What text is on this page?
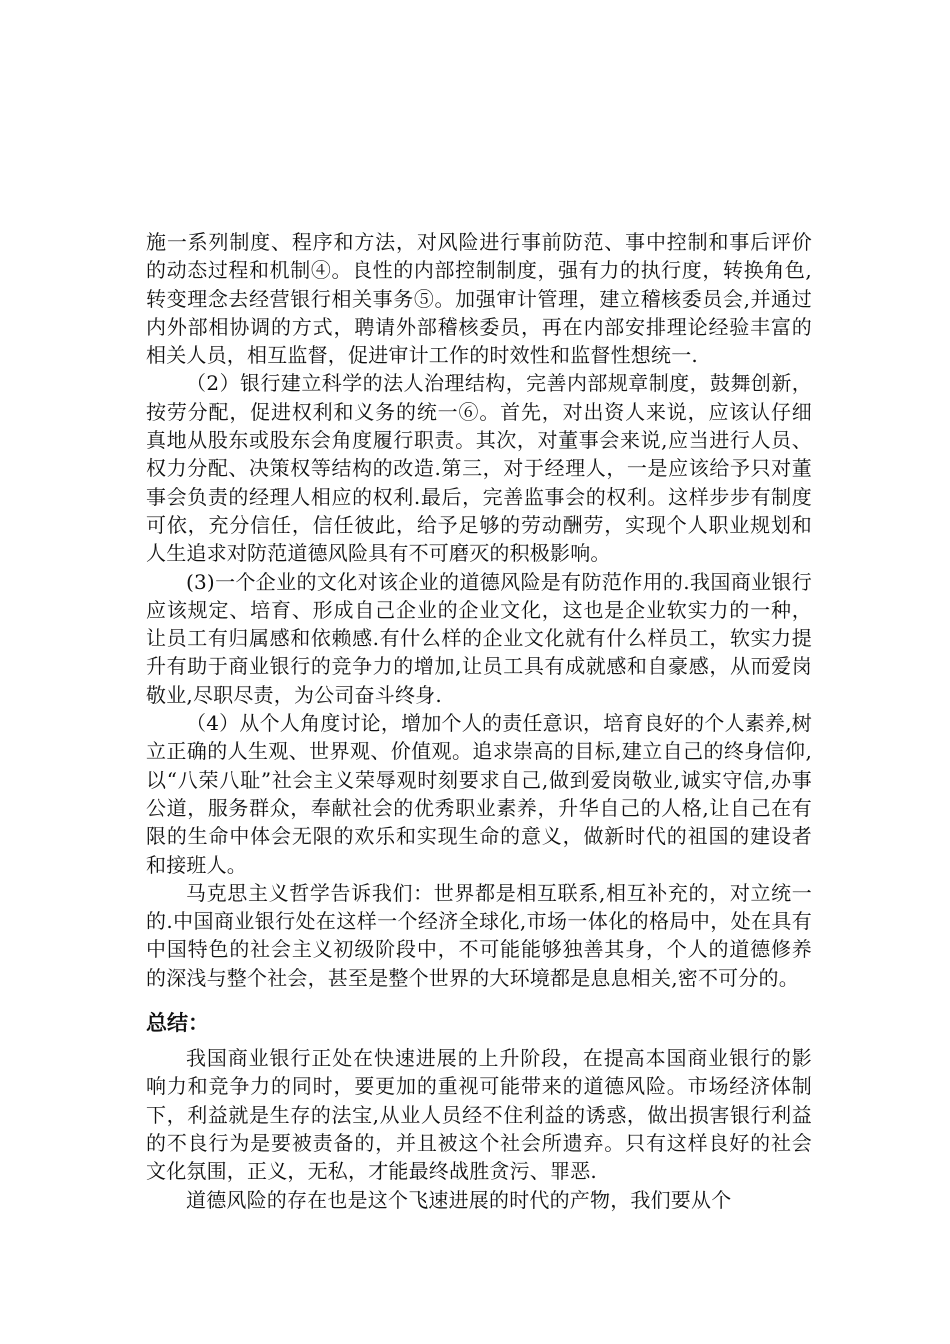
施一系列制度、程序和方法，对风险进行事前防范、事中控制和事后评价的动态过程和机制④。良性的内部控制制度，强有力的执行度，转换角色,转变理念去经营银行相关事务⑤。加强审计管理，建立稽核委员会,并通过内外部相协调的方式，聘请外部稽核委员，再在内部安排理论经验丰富的相关人员，相互监督，促进审计工作的时效性和监督性想统一.

（2）银行建立科学的法人治理结构，完善内部规章制度，鼓舞创新，按劳分配，促进权利和义务的统一⑥。首先，对出资人来说，应该认仔细真地从股东或股东会角度履行职责。其次，对董事会来说,应当进行人员、权力分配、决策权等结构的改造.第三，对于经理人，一是应该给予只对董事会负责的经理人相应的权利.最后，完善监事会的权利。这样步步有制度可依，充分信任，信任彼此，给予足够的劳动酬劳，实现个人职业规划和人生追求对防范道德风险具有不可磨灭的积极影响。

(3)一个企业的文化对该企业的道德风险是有防范作用的.我国商业银行应该规定、培育、形成自己企业的企业文化，这也是企业软实力的一种，让员工有归属感和依赖感.有什么样的企业文化就有什么样员工，软实力提升有助于商业银行的竞争力的增加,让员工具有成就感和自豪感，从而爱岗敬业,尽职尽责，为公司奋斗终身.

（4）从个人角度讨论，增加个人的责任意识，培育良好的个人素养,树立正确的人生观、世界观、价值观。追求崇高的目标,建立自己的终身信仰,以“八荣八耻”社会主义荣辱观时刻要求自己,做到爱岗敬业,诚实守信,办事公道，服务群众，奉献社会的优秀职业素养，升华自己的人格,让自己在有限的生命中体会无限的欢乐和实现生命的意义，做新时代的祖国的建设者和接班人。

马克思主义哲学告诉我们：世界都是相互联系,相互补充的，对立统一的.中国商业银行处在这样一个经济全球化,市场一体化的格局中，处在具有中国特色的社会主义初级阶段中，不可能能够独善其身，个人的道德修养的深浅与整个社会，甚至是整个世界的大环境都是息息相关,密不可分的。

总结：

我国商业银行正处在快速进展的上升阶段，在提高本国商业银行的影响力和竞争力的同时，要更加的重视可能带来的道德风险。市场经济体制下，利益就是生存的法宝,从业人员经不住利益的诱惑，做出损害银行利益的不良行为是要被责备的，并且被这个社会所遗弃。只有这样良好的社会文化氛围，正义，无私，才能最终战胜贪污、罪恶.

道德风险的存在也是这个飞速进展的时代的产物，我们要从个
